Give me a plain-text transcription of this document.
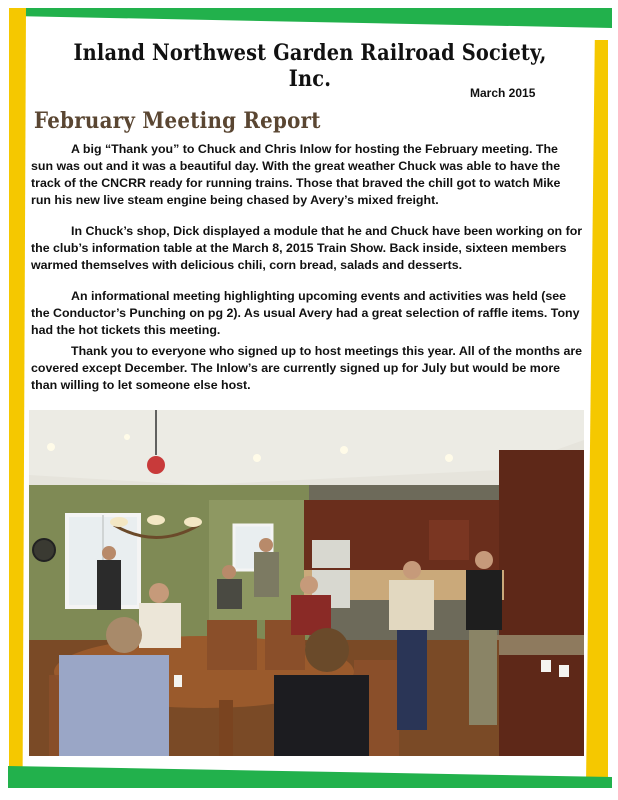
Inland Northwest Garden Railroad Society, Inc.
March 2015
February Meeting Report

A big “Thank you” to Chuck and Chris Inlow for hosting the February meeting. The sun was out and it was a beautiful day. With the great weather Chuck was able to have the track of the CNCRR ready for running trains. Those that braved the chill got to watch Mike run his new live steam engine being chased by Avery’s mixed freight.

In Chuck’s shop, Dick displayed a module that he and Chuck have been working on for the club’s information table at the March 8, 2015 Train Show. Back inside, sixteen members warmed themselves with delicious chili, corn bread, salads and desserts.

An informational meeting highlighting upcoming events and activities was held (see the Conductor’s Punching on pg 2). As usual Avery had a great selection of raffle items. Tony had the hot tickets this meeting.

Thank you to everyone who signed up to host meetings this year. All of the months are covered except December. The Inlow’s are currently signed up for July but would be more than willing to let someone else host.
